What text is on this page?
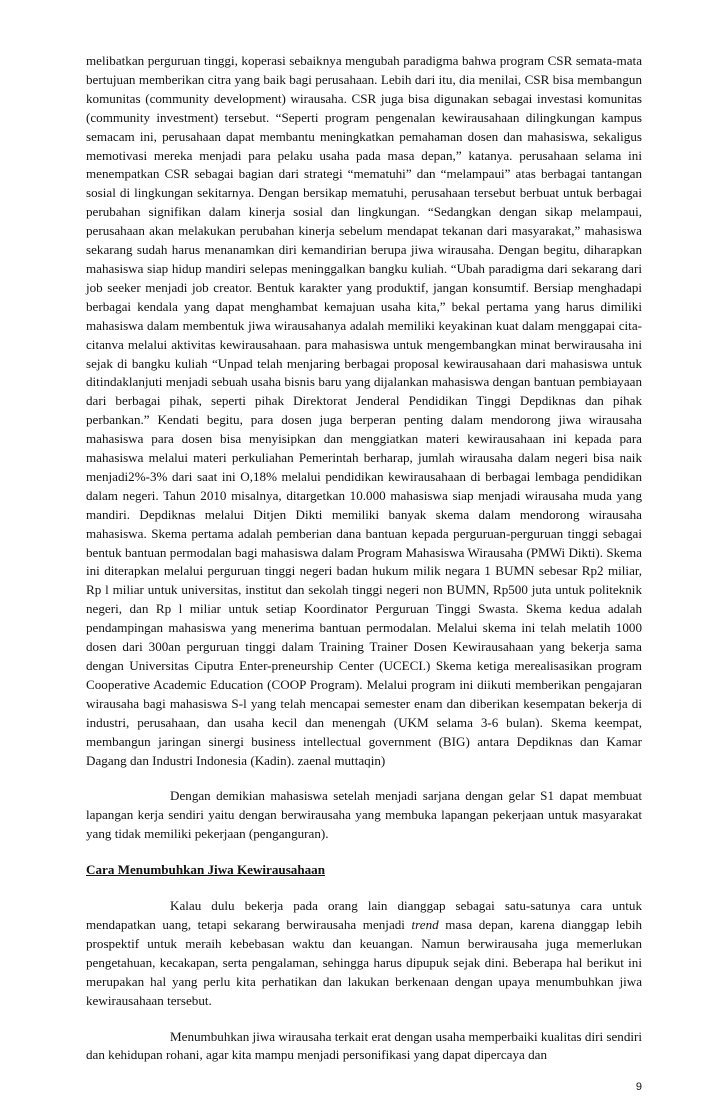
melibatkan perguruan tinggi, koperasi sebaiknya mengubah paradigma bahwa program CSR semata-mata bertujuan memberikan citra yang baik bagi perusahaan. Lebih dari itu, dia menilai, CSR bisa membangun komunitas (community development) wirausaha. CSR juga bisa digunakan sebagai investasi komunitas (community investment) tersebut. “Seperti program pengenalan kewirausahaan dilingkungan kampus semacam ini, perusahaan dapat membantu meningkatkan pemahaman dosen dan mahasiswa, sekaligus memotivasi mereka menjadi para pelaku usaha pada masa depan,” katanya. perusahaan selama ini menempatkan CSR sebagai bagian dari strategi “mematuhi” dan “melampaui” atas berbagai tantangan sosial di lingkungan sekitarnya. Dengan bersikap mematuhi, perusahaan tersebut berbuat untuk berbagai perubahan signifikan dalam kinerja sosial dan lingkungan. “Sedangkan dengan sikap melampaui, perusahaan akan melakukan perubahan kinerja sebelum mendapat tekanan dari masyarakat,” mahasiswa sekarang sudah harus menanamkan diri kemandirian berupa jiwa wirausaha. Dengan begitu, diharapkan mahasiswa siap hidup mandiri selepas meninggalkan bangku kuliah. “Ubah paradigma dari sekarang dari job seeker menjadi job creator. Bentuk karakter yang produktif, jangan konsumtif. Bersiap menghadapi berbagai kendala yang dapat menghambat kemajuan usaha kita,” bekal pertama yang harus dimiliki mahasiswa dalam membentuk jiwa wirausahanya adalah memiliki keyakinan kuat dalam menggapai cita-citanva melalui aktivitas kewirausahaan. para mahasiswa untuk mengembangkan minat berwirausaha ini sejak di bangku kuliah “Unpad telah menjaring berbagai proposal kewirausahaan dari mahasiswa untuk ditindaklanjuti menjadi sebuah usaha bisnis baru yang dijalankan mahasiswa dengan bantuan pembiayaan dari berbagai pihak, seperti pihak Direktorat Jenderal Pendidikan Tinggi Depdiknas dan pihak perbankan.” Kendati begitu, para dosen juga berperan penting dalam mendorong jiwa wirausaha mahasiswa para dosen bisa menyisipkan dan menggiatkan materi kewirausahaan ini kepada para mahasiswa melalui materi perkuliahan Pemerintah berharap, jumlah wirausaha dalam negeri bisa naik menjadi2%-3% dari saat ini O,18% melalui pendidikan kewirausahaan di berbagai lembaga pendidikan dalam negeri. Tahun 2010 misalnya, ditargetkan 10.000 mahasiswa siap menjadi wirausaha muda yang mandiri. Depdiknas melalui Ditjen Dikti memiliki banyak skema dalam mendorong wirausaha mahasiswa. Skema pertama adalah pemberian dana bantuan kepada perguruan-perguruan tinggi sebagai bentuk bantuan permodalan bagi mahasiswa dalam Program Mahasiswa Wirausaha (PMWi Dikti). Skema ini diterapkan melalui perguruan tinggi negeri badan hukum milik negara 1 BUMN sebesar Rp2 miliar, Rp l miliar untuk universitas, institut dan sekolah tinggi negeri non BUMN, Rp500 juta untuk politeknik negeri, dan Rp l miliar untuk setiap Koordinator Perguruan Tinggi Swasta. Skema kedua adalah pendampingan mahasiswa yang menerima bantuan permodalan. Melalui skema ini telah melatih 1000 dosen dari 300an perguruan tinggi dalam Training Trainer Dosen Kewirausahaan yang bekerja sama dengan Universitas Ciputra Enter-preneurship Center (UCECI.) Skema ketiga merealisasikan program Cooperative Academic Education (COOP Program). Melalui program ini diikuti memberikan pengajaran wirausaha bagi mahasiswa S-l yang telah mencapai semester enam dan diberikan kesempatan bekerja di industri, perusahaan, dan usaha kecil dan menengah (UKM selama 3-6 bulan). Skema keempat, membangun jaringan sinergi business intellectual government (BIG) antara Depdiknas dan Kamar Dagang dan Industri Indonesia (Kadin). zaenal muttaqin)

Dengan demikian mahasiswa setelah menjadi sarjana dengan gelar S1 dapat membuat lapangan kerja sendiri yaitu dengan berwirausaha yang membuka lapangan pekerjaan untuk masyarakat yang tidak memiliki pekerjaan (penganguran).

Cara Menumbuhkan Jiwa Kewirausahaan

Kalau dulu bekerja pada orang lain dianggap sebagai satu-satunya cara untuk mendapatkan uang, tetapi sekarang berwirausaha menjadi trend masa depan, karena dianggap lebih prospektif untuk meraih kebebasan waktu dan keuangan. Namun berwirausaha juga memerlukan pengetahuan, kecakapan, serta pengalaman, sehingga harus dipupuk sejak dini. Beberapa hal berikut ini merupakan hal yang perlu kita perhatikan dan lakukan berkenaan dengan upaya menumbuhkan jiwa kewirausahaan tersebut.

Menumbuhkan jiwa wirausaha terkait erat dengan usaha memperbaiki kualitas diri sendiri dan kehidupan rohani, agar kita mampu menjadi personifikasi yang dapat dipercaya dan

9
